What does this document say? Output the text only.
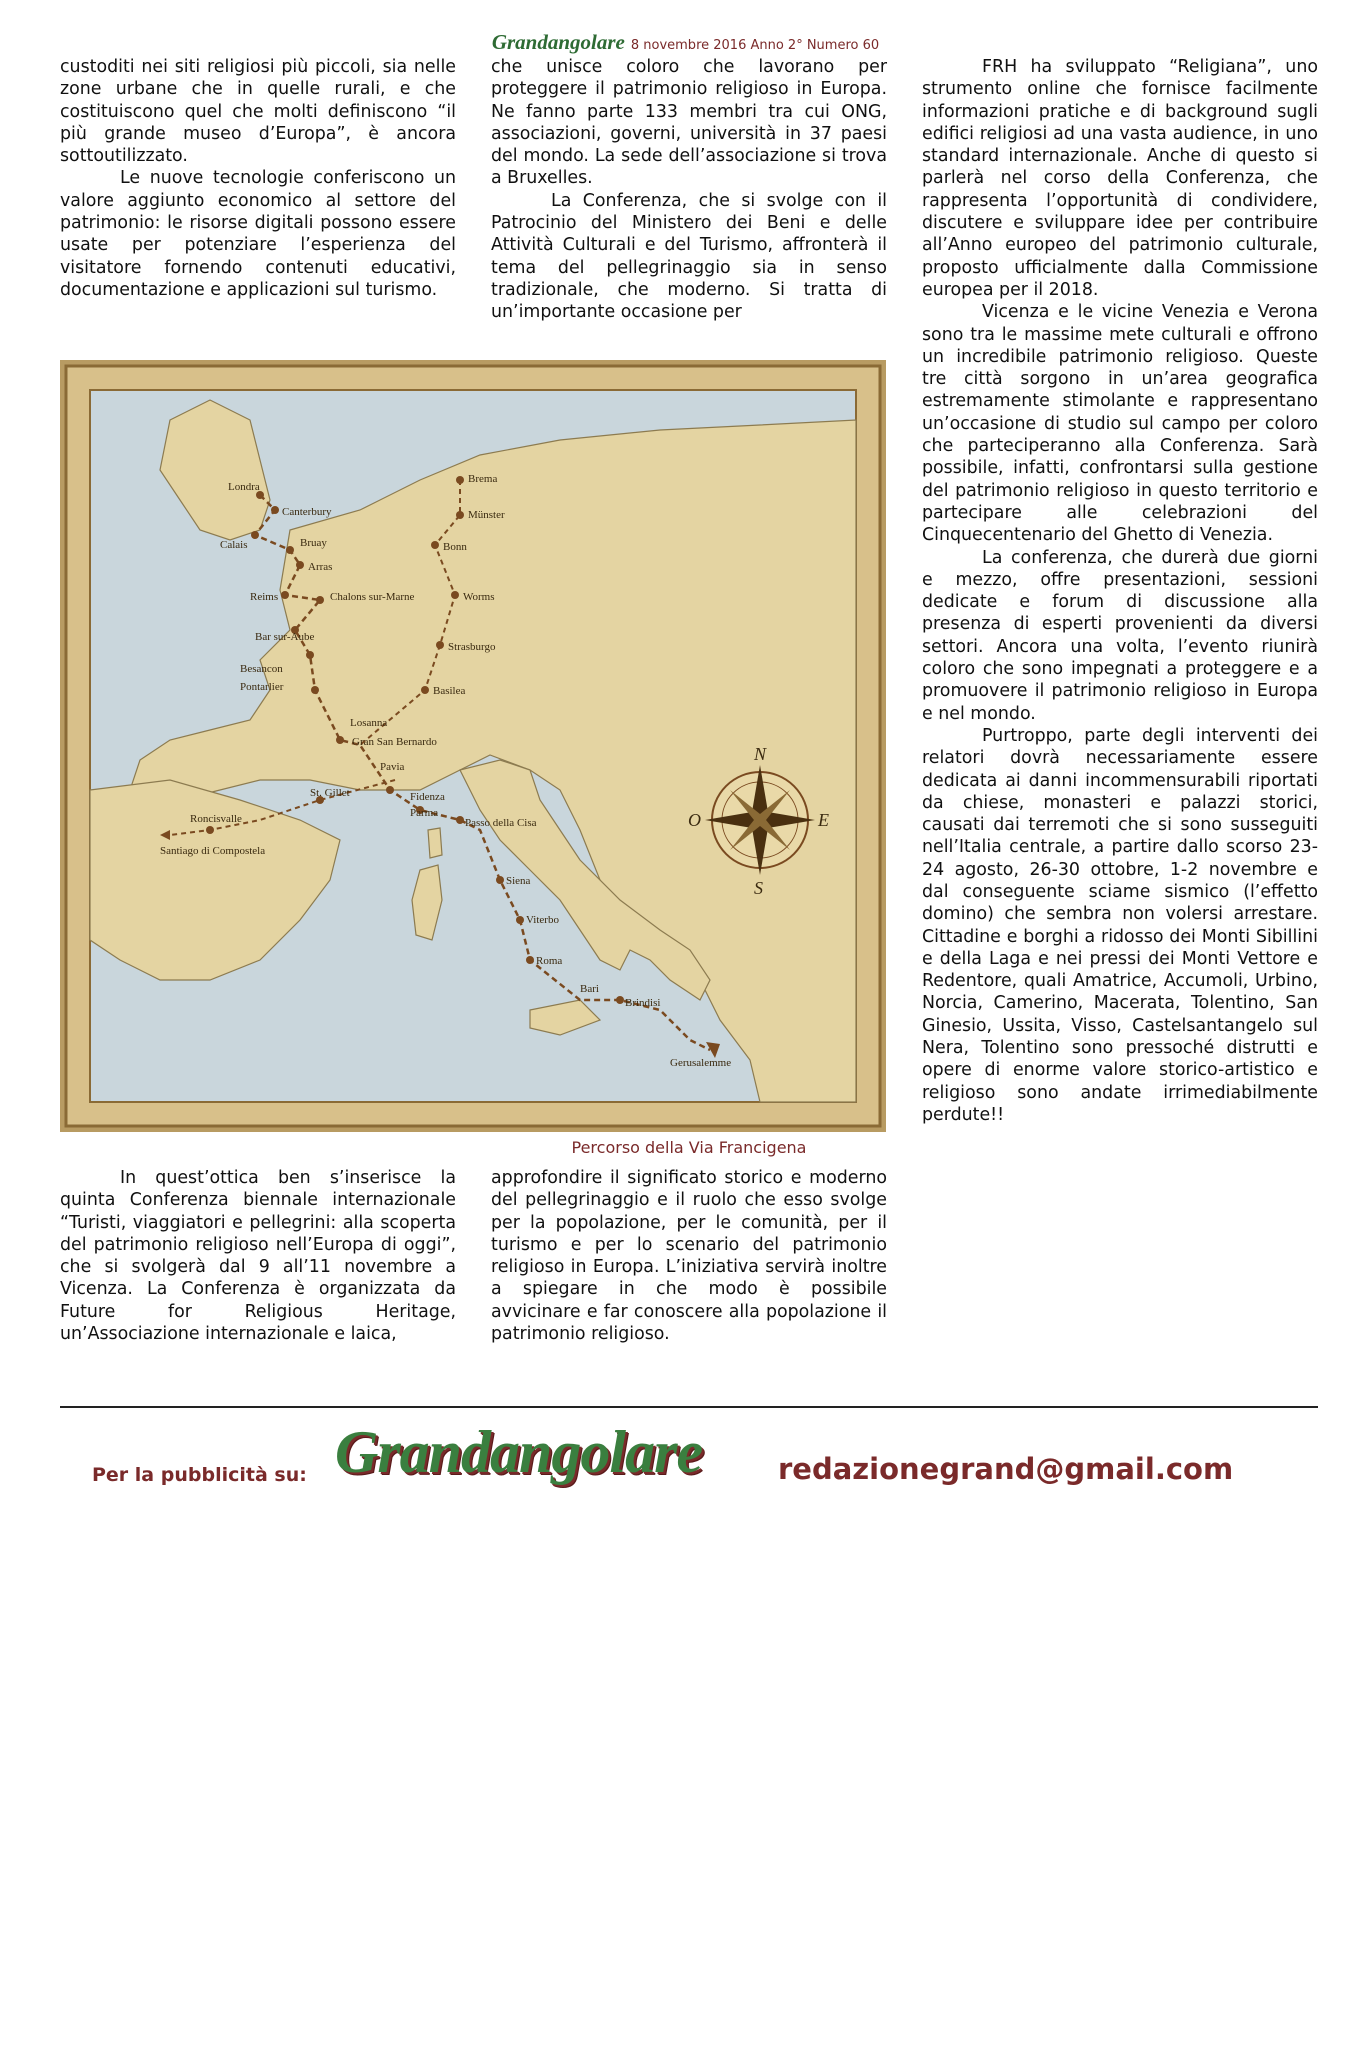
Grandangolare 8 novembre 2016 Anno 2° Numero 60

custoditi nei siti religiosi più piccoli, sia nelle zone urbane che in quelle rurali, e che costituiscono quel che molti definiscono “il più grande museo d’Europa”, è ancora sottoutilizzato.

Le nuove tecnologie conferiscono un valore aggiunto economico al settore del patrimonio: le risorse digitali possono essere usate per potenziare l’esperienza del visitatore fornendo contenuti educativi, documentazione e applicazioni sul turismo.

che unisce coloro che lavorano per proteggere il patrimonio religioso in Europa. Ne fanno parte 133 membri tra cui ONG, associazioni, governi, università in 37 paesi del mondo. La sede dell’associazione si trova a Bruxelles.

La Conferenza, che si svolge con il Patrocinio del Ministero dei Beni e delle Attività Culturali e del Turismo, affronterà il tema del pellegrinaggio sia in senso tradizionale, che moderno. Si tratta di un’importante occasione per

FRH ha sviluppato “Religiana”, uno strumento online che fornisce facilmente informazioni pratiche e di background sugli edifici religiosi ad una vasta audience, in uno standard internazionale. Anche di questo si parlerà nel corso della Conferenza, che rappresenta l’opportunità di condividere, discutere e sviluppare idee per contribuire all’Anno europeo del patrimonio culturale, proposto ufficialmente dalla Commissione europea per il 2018.

Vicenza e le vicine Venezia e Verona sono tra le massime mete culturali e offrono un incredibile patrimonio religioso. Queste tre città sorgono in un’area geografica estremamente stimolante e rappresentano un’occasione di studio sul campo per coloro che parteciperanno alla Conferenza. Sarà possibile, infatti, confrontarsi sulla gestione del patrimonio religioso in questo territorio e partecipare alle celebrazioni del Cinquecentenario del Ghetto di Venezia.

La conferenza, che durerà due giorni e mezzo, offre presentazioni, sessioni dedicate e forum di discussione alla presenza di esperti provenienti da diversi settori. Ancora una volta, l’evento riunirà coloro che sono impegnati a proteggere e a promuovere il patrimonio religioso in Europa e nel mondo.

Purtroppo, parte degli interventi dei relatori dovrà necessariamente essere dedicata ai danni incommensurabili riportati da chiese, monasteri e palazzi storici, causati dai terremoti che si sono susseguiti nell’Italia centrale, a partire dallo scorso 23-24 agosto, 26-30 ottobre, 1-2 novembre e dal conseguente sciame sismico (l’effetto domino) che sembra non volersi arrestare. Cittadine e borghi a ridosso dei Monti Sibillini e della Laga e nei pressi dei Monti Vettore e Redentore, quali Amatrice, Accumoli, Urbino, Norcia, Camerino, Macerata, Tolentino, San Ginesio, Ussita, Visso, Castelsantangelo sul Nera, Tolentino sono pressoché distrutti e opere di enorme valore storico-artistico e religioso sono andate irrimediabilmente perdute!!

Londra
Canterbury
Calais	Bruay
Arras
Reims	Chalons sur-Marne
Bar sur-Aube
Besancon
Pontarlier
Losanna
Gran San Bernardo
Pavia
Fidenza
Parma
Passo della Cisa
Siena
Viterbo
Roma
Bari
Brindisi
Gerusalemme
Brema
Münster
Bonn
Worms
Strasburgo
Basilea
St. Gillet
Roncisvalle
Santiago di Compostela
N
E
S
O
Percorso della Via Francigena

In quest’ottica ben s’inserisce la quinta Conferenza biennale internazionale “Turisti, viaggiatori e pellegrini: alla scoperta del patrimonio religioso nell’Europa di oggi”, che si svolgerà dal 9 all’11 novembre a Vicenza. La Conferenza è organizzata da Future for Religious Heritage, un’Associazione internazionale e laica,

approfondire il significato storico e moderno del pellegrinaggio e il ruolo che esso svolge per la popolazione, per le comunità, per il turismo e per lo scenario del patrimonio religioso in Europa. L’iniziativa servirà inoltre a spiegare in che modo è possibile avvicinare e far conoscere alla popolazione il patrimonio religioso.

Per la pubblicità su: Grandangolare	redazionegrand@gmail.com
